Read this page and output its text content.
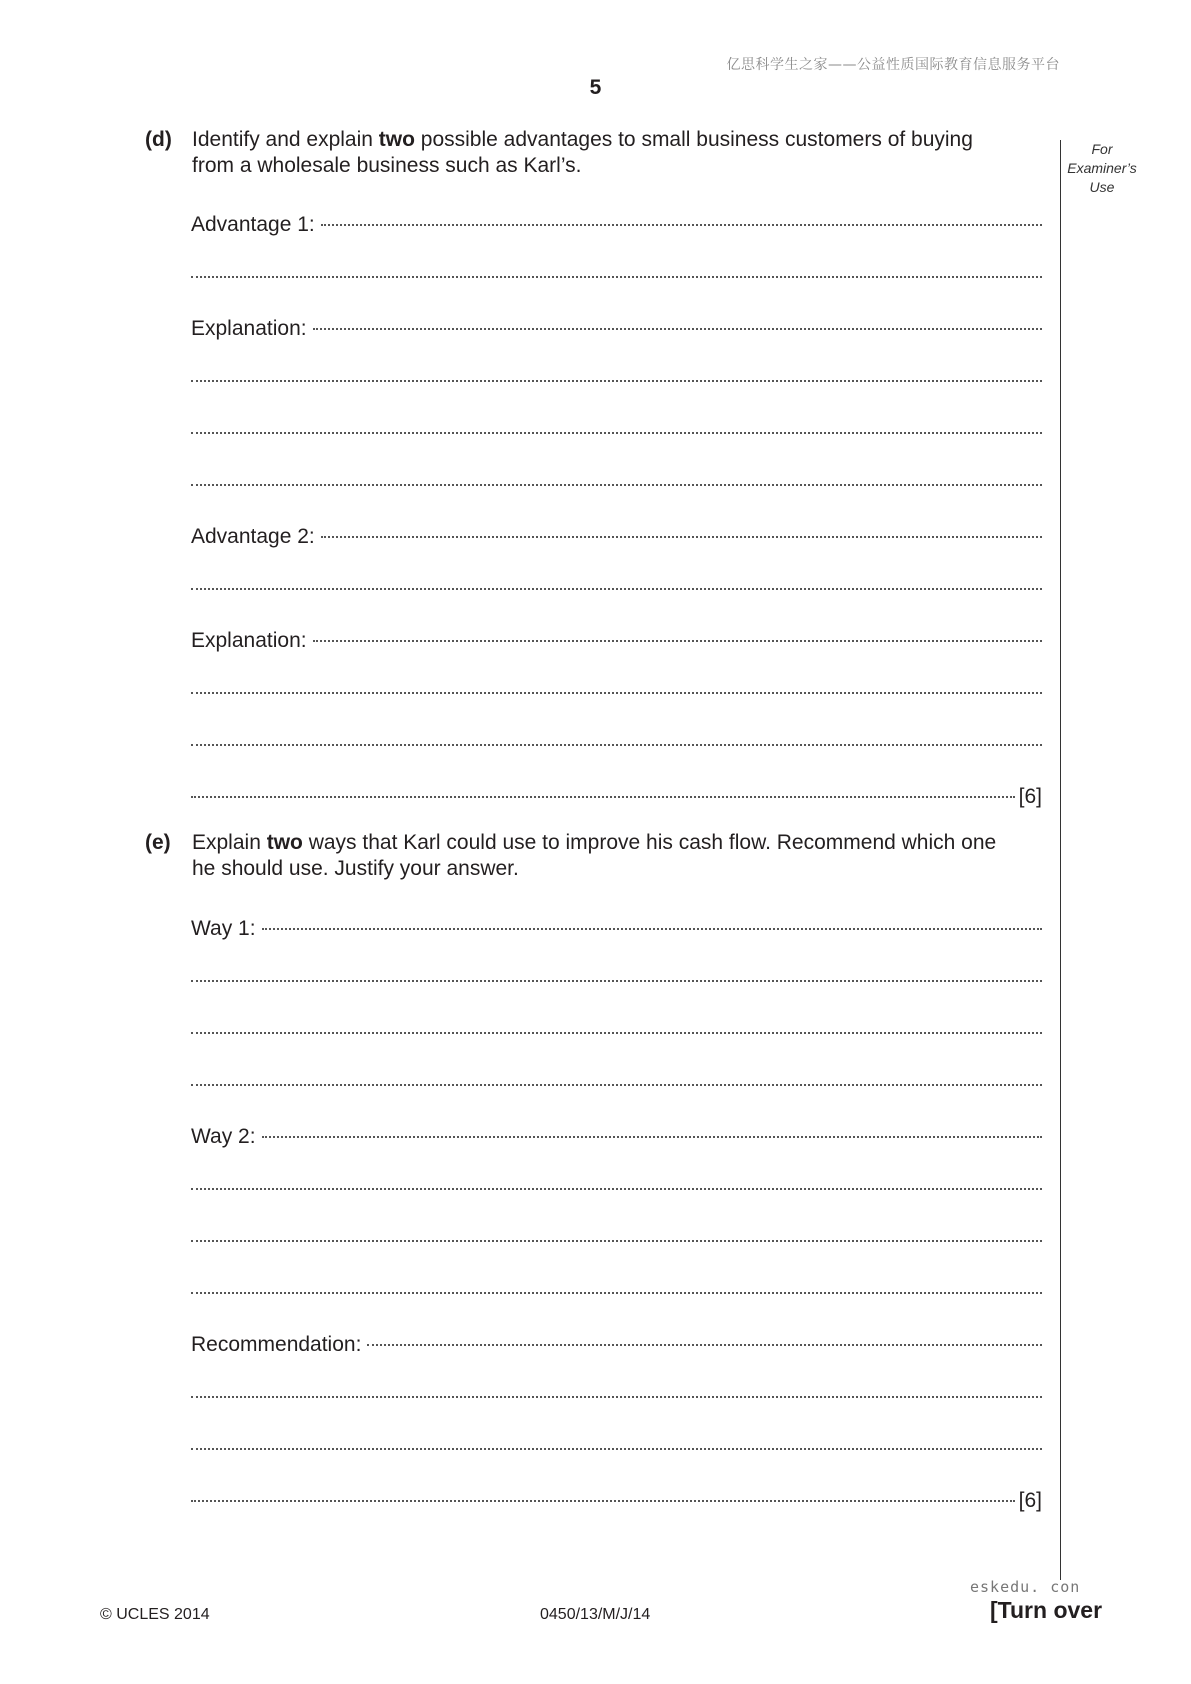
亿思科学生之家——公益性质国际教育信息服务平台
5
For
Examiner’s
Use
(d) Identify and explain two possible advantages to small business customers of buying
from a wholesale business such as Karl’s.
Advantage 1:
Explanation:
Advantage 2:
Explanation:
[6]
(e) Explain two ways that Karl could use to improve his cash flow. Recommend which one
he should use. Justify your answer.
Way 1:
Way 2:
Recommendation:
[6]
© UCLES 2014	0450/13/M/J/14
eskedu. con
[Turn over
